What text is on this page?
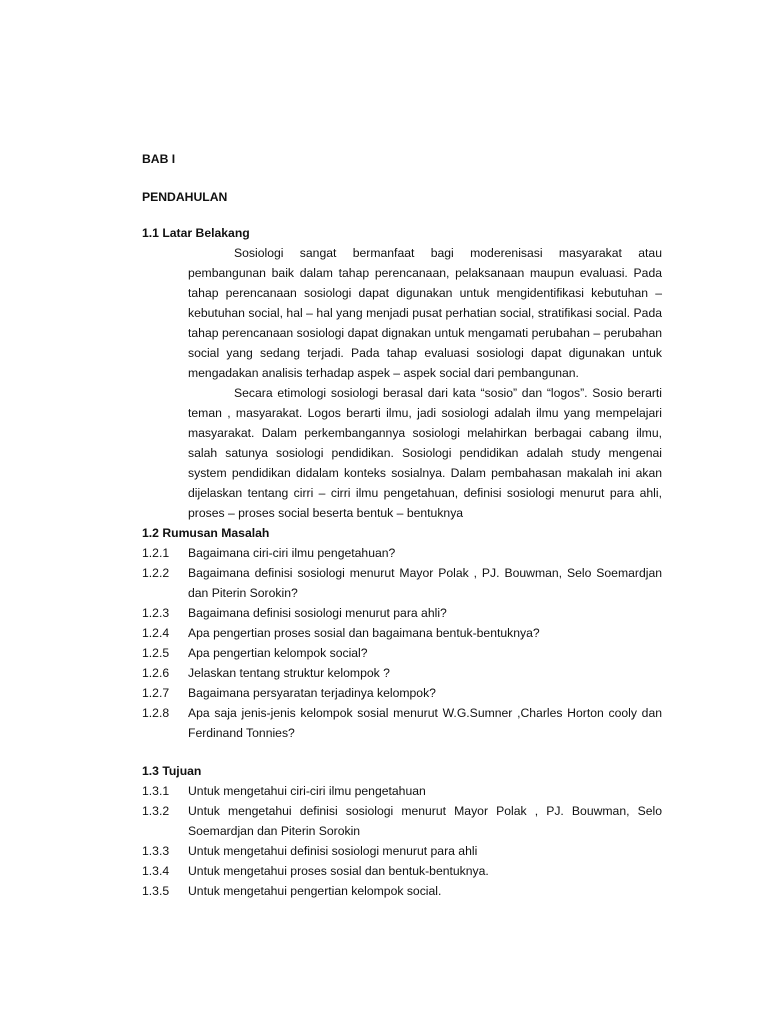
BAB I

PENDAHULAN

1.1 Latar Belakang

Sosiologi sangat bermanfaat bagi moderenisasi masyarakat atau pembangunan baik dalam tahap perencanaan, pelaksanaan maupun evaluasi. Pada tahap perencanaan sosiologi dapat digunakan untuk mengidentifikasi kebutuhan – kebutuhan social, hal – hal yang menjadi pusat perhatian social, stratifikasi social. Pada tahap perencanaan sosiologi dapat dignakan untuk mengamati perubahan – perubahan social yang sedang terjadi. Pada tahap evaluasi sosiologi dapat digunakan untuk mengadakan analisis terhadap aspek – aspek social dari pembangunan.

Secara etimologi sosiologi berasal dari kata “sosio” dan “logos”. Sosio berarti teman , masyarakat. Logos berarti ilmu, jadi sosiologi adalah ilmu yang mempelajari masyarakat. Dalam perkembangannya sosiologi melahirkan berbagai cabang ilmu, salah satunya sosiologi pendidikan. Sosiologi pendidikan adalah study mengenai system pendidikan didalam konteks sosialnya. Dalam pembahasan makalah ini akan dijelaskan tentang cirri – cirri ilmu pengetahuan, definisi sosiologi menurut para ahli, proses – proses social beserta bentuk – bentuknya

1.2 Rumusan Masalah

1.2.1	Bagaimana ciri-ciri ilmu pengetahuan?
1.2.2	Bagaimana definisi sosiologi menurut Mayor Polak , PJ. Bouwman, Selo Soemardjan dan Piterin Sorokin?
1.2.3	Bagaimana definisi sosiologi menurut para ahli?
1.2.4	Apa pengertian proses sosial dan bagaimana bentuk-bentuknya?
1.2.5	Apa pengertian kelompok social?
1.2.6	Jelaskan tentang struktur kelompok ?
1.2.7	Bagaimana persyaratan terjadinya kelompok?
1.2.8	Apa saja jenis-jenis kelompok sosial menurut W.G.Sumner ,Charles Horton cooly dan Ferdinand Tonnies?

1.3 Tujuan

1.3.1	Untuk mengetahui ciri-ciri ilmu pengetahuan
1.3.2	Untuk mengetahui definisi sosiologi menurut Mayor Polak , PJ. Bouwman, Selo Soemardjan dan Piterin Sorokin
1.3.3	Untuk mengetahui definisi sosiologi menurut para ahli
1.3.4	Untuk mengetahui proses sosial dan bentuk-bentuknya.
1.3.5	Untuk mengetahui pengertian kelompok social.
